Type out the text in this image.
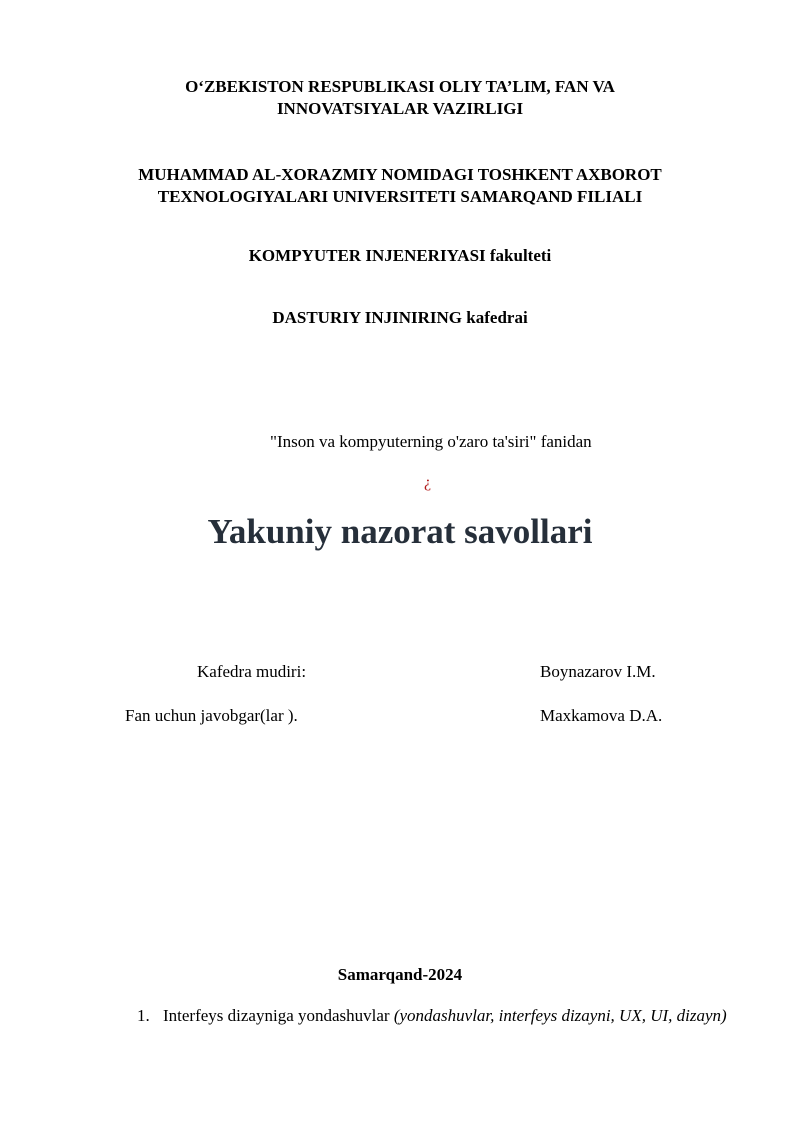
O‘ZBEKISTON RESPUBLIKASI OLIY TA’LIM, FAN VA INNOVATSIYALAR VAZIRLIGI
MUHAMMAD AL-XORAZMIY NOMIDAGI TOSHKENT AXBOROT TEXNOLOGIYALARI UNIVERSITETI SAMARQAND FILIALI
KOMPYUTER INJENERIYASI fakulteti
DASTURIY INJINIRING kafedrai
"Inson va kompyuterning o'zaro ta'siri" fanidan
¿
Yakuniy nazorat savollari
Kafedra mudiri:	Boynazarov I.M.
Fan uchun javobgar(lar ).	Maxkamova D.A.
Samarqand-2024
1. Interfeys dizayniga yondashuvlar (yondashuvlar, interfeys dizayni, UX, UI, dizayn)
